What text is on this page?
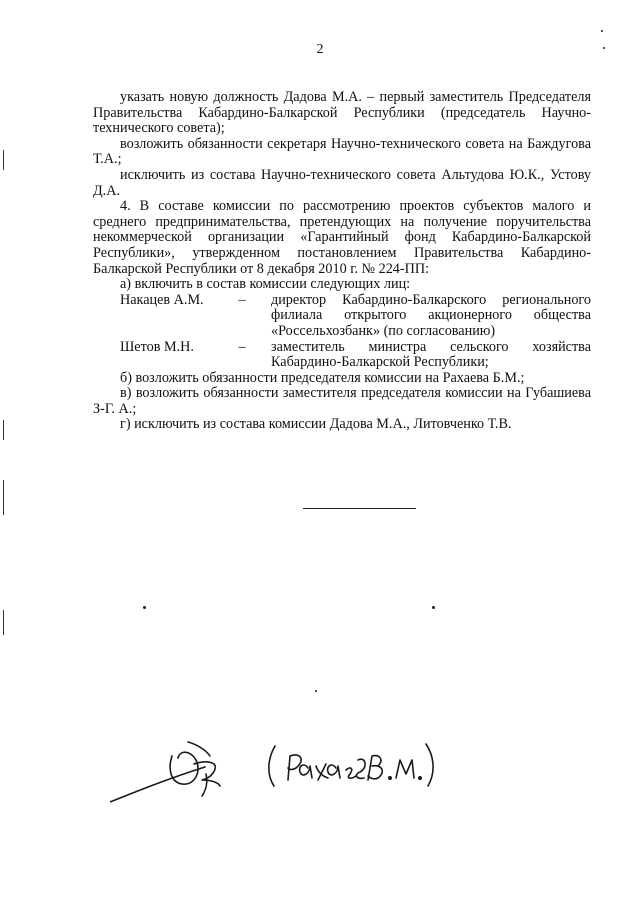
2

указать новую должность Дадова М.А. – первый заместитель Председателя Правительства Кабардино-Балкарской Республики (председатель Научно-технического совета);

возложить обязанности секретаря Научно-технического совета на Баждугова Т.А.;

исключить из состава Научно-технического совета Альтудова Ю.К., Устову Д.А.

4. В составе комиссии по рассмотрению проектов субъектов малого и среднего предпринимательства, претендующих на получение поручительства некоммерческой организации «Гарантийный фонд Кабардино-Балкарской Республики», утвержденном постановлением Правительства Кабардино-Балкарской Республики от 8 декабря 2010 г. № 224-ПП:

а) включить в состав комиссии следующих лиц:

Накацев А.М.	–	директор Кабардино-Балкарского регионального филиала открытого акционерного общества «Россельхозбанк» (по согласованию)
Шетов М.Н.	–	заместитель министра сельского хозяйства Кабардино-Балкарской Республики;

б) возложить обязанности председателя комиссии на Рахаева Б.М.;

в) возложить обязанности заместителя председателя комиссии на Губашиева З-Г. А.;

г) исключить из состава комиссии Дадова М.А., Литовченко Т.В.
